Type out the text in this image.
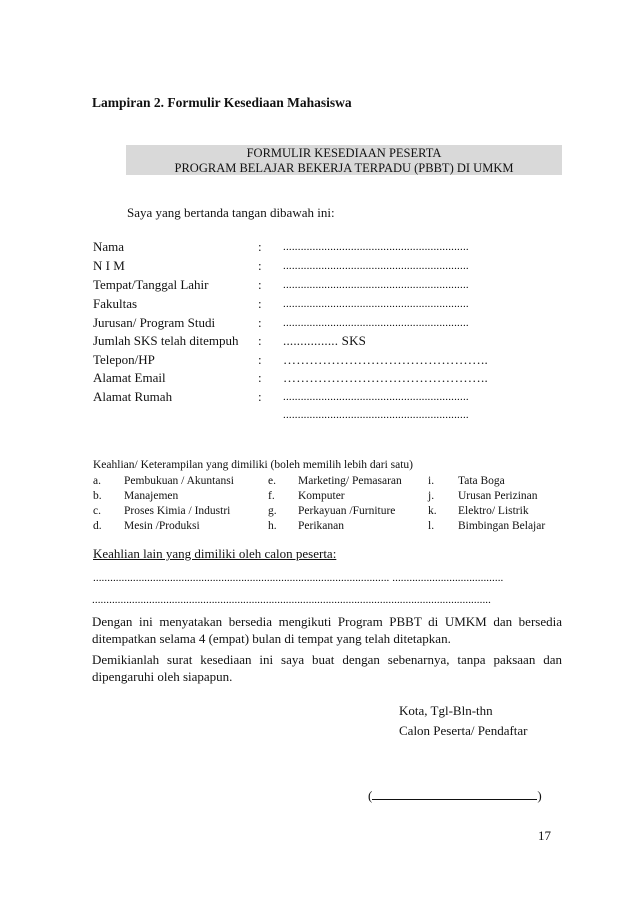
Lampiran 2. Formulir Kesediaan Mahasiswa
FORMULIR KESEDIAAN PESERTA
PROGRAM BELAJAR BEKERJA TERPADU (PBBT) DI UMKM
Saya yang bertanda tangan dibawah ini:
Nama	: ...............................................................
N I M	: ...............................................................
Tempat/Tanggal Lahir	: ...............................................................
Fakultas	: ...............................................................
Jurusan/ Program Studi	: ...............................................................
Jumlah SKS telah ditempuh : ................ SKS
Telepon/HP	: ………………………………………..
Alamat Email	: ………………………………………..
Alamat Rumah	: ...............................................................
...............................................................
Keahlian/ Keterampilan yang dimiliki (boleh memilih lebih dari satu)
a. Pembukuan / Akuntansi	e. Marketing/ Pemasaran i. Tata Boga
b. Manajemen	f. Komputer	j. Urusan Perizinan
c. Proses Kimia / Industri	g. Perkayuan /Furniture	k. Elektro/ Listrik
d. Mesin /Produksi	h. Perikanan	l. Bimbingan Belajar
Keahlian lain yang dimiliki oleh calon peserta:
........................................................................................................ .......................................
............................................................................................................................................
Dengan ini menyatakan bersedia mengikuti Program PBBT di UMKM dan bersedia ditempatkan selama 4 (empat) bulan di tempat yang telah ditetapkan.
Demikianlah surat kesediaan ini saya buat dengan sebenarnya, tanpa paksaan dan dipengaruhi oleh siapapun.
Kota, Tgl-Bln-thn
Calon Peserta/ Pendaftar
(	)
17
